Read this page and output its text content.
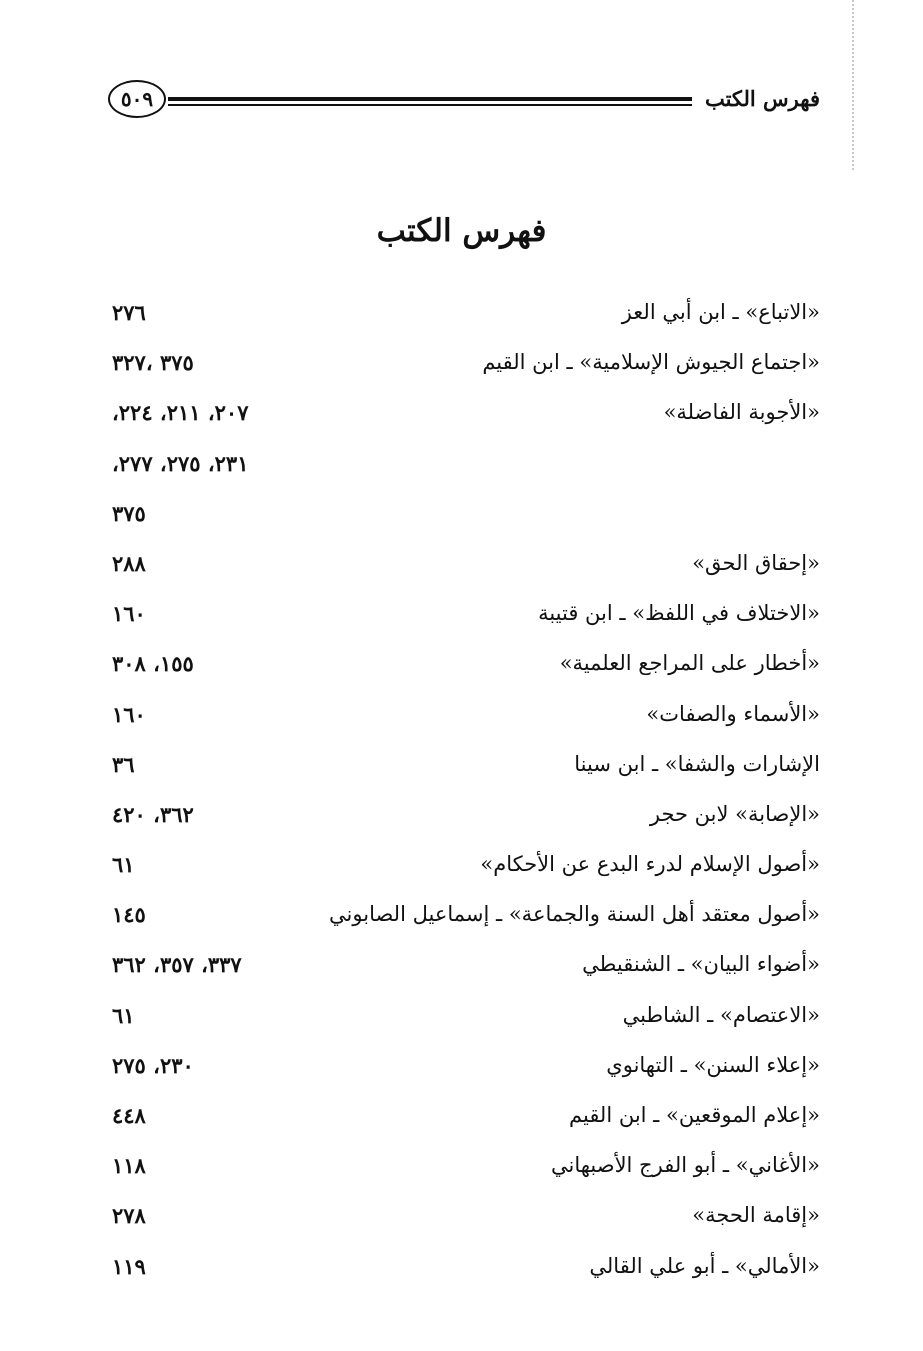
فهرس الكتب
٥٠٩
فهرس الكتب
«الاتباع» ـ ابن أبي العز
٢٧٦
«اجتماع الجيوش الإسلامية» ـ ابن القيم
٣٧٥ ،٣٢٧
«الأجوبة الفاضلة»
٢٠٧، ٢١١، ٢٢٤،
٢٣١، ٢٧٥، ٢٧٧،
٣٧٥
«إحقاق الحق»
٢٨٨
«الاختلاف في اللفظ» ـ ابن قتيبة
١٦٠
«أخطار على المراجع العلمية»
١٥٥، ٣٠٨
«الأسماء والصفات»
١٦٠
الإشارات والشفا» ـ ابن سينا
٣٦
«الإصابة» لابن حجر
٣٦٢، ٤٢٠
«أصول الإسلام لدرء البدع عن الأحكام»
٦١
«أصول معتقد أهل السنة والجماعة» ـ إسماعيل الصابوني
١٤٥
«أضواء البيان» ـ الشنقيطي
٣٣٧، ٣٥٧، ٣٦٢
«الاعتصام» ـ الشاطبي
٦١
«إعلاء السنن» ـ التهانوي
٢٣٠، ٢٧٥
«إعلام الموقعين» ـ ابن القيم
٤٤٨
«الأغاني» ـ أبو الفرج الأصبهاني
١١٨
«إقامة الحجة»
٢٧٨
«الأمالي» ـ أبو علي القالي
١١٩
